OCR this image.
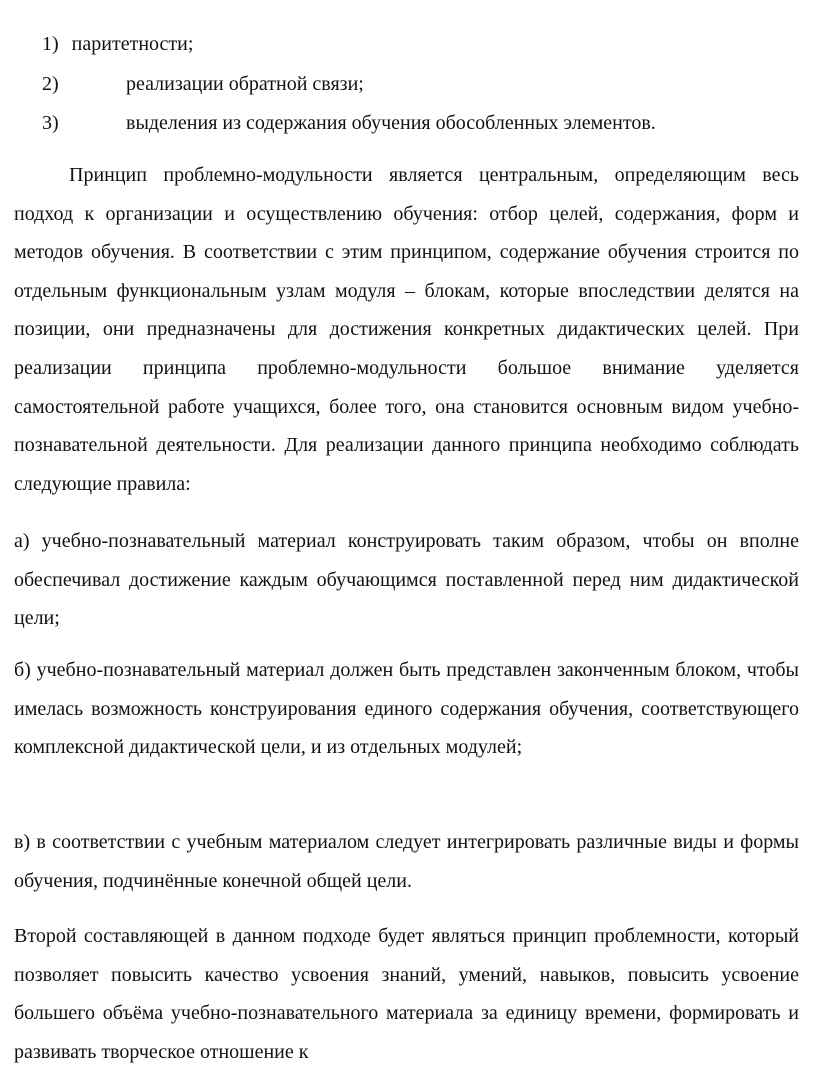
1) паритетности;
2)	реализации обратной связи;
3)	выделения из содержания обучения обособленных элементов.

Принцип проблемно-модульности является центральным, определяющим весь подход к организации и осуществлению обучения: отбор целей, содержания, форм и методов обучения. В соответствии с этим принципом, содержание обучения строится по отдельным функциональным узлам модуля – блокам, которые впоследствии делятся на позиции, они предназначены для достижения конкретных дидактических целей. При реализации принципа проблемно-модульности большое внимание уделяется самостоятельной работе учащихся, более того, она становится основным видом учебно-познавательной деятельности. Для реализации данного принципа необходимо соблюдать следующие правила:

а) учебно-познавательный материал конструировать таким образом, чтобы он вполне обеспечивал достижение каждым обучающимся поставленной перед ним дидактической цели;

б) учебно-познавательный материал должен быть представлен законченным блоком, чтобы имелась возможность конструирования единого содержания обучения, соответствующего комплексной дидактической цели, и из отдельных модулей;

в) в соответствии с учебным материалом следует интегрировать различные виды и формы обучения, подчинённые конечной общей цели.

Второй составляющей в данном подходе будет являться принцип проблемности, который позволяет повысить качество усвоения знаний, умений, навыков, повысить усвоение большего объёма учебно-познавательного материала за единицу времени, формировать и развивать творческое отношение к
